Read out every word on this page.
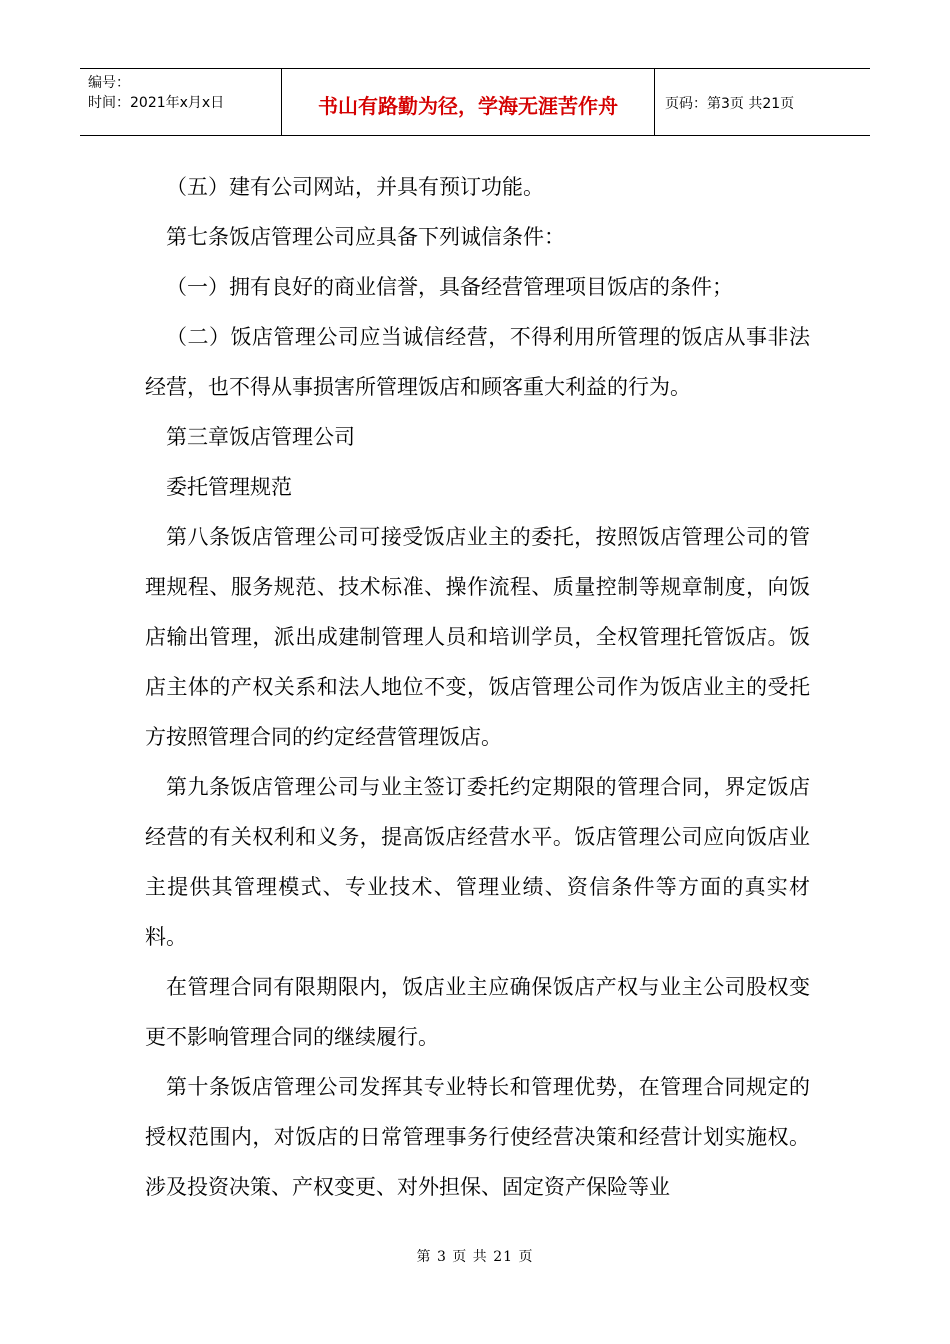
编号：
时间：2021年x月x日	书山有路勤为径，学海无涯苦作舟	页码：第3页 共21页

（五）建有公司网站，并具有预订功能。

第七条饭店管理公司应具备下列诚信条件：

（一）拥有良好的商业信誉，具备经营管理项目饭店的条件；

（二）饭店管理公司应当诚信经营，不得利用所管理的饭店从事非法经营，也不得从事损害所管理饭店和顾客重大利益的行为。

第三章饭店管理公司

委托管理规范

第八条饭店管理公司可接受饭店业主的委托，按照饭店管理公司的管理规程、服务规范、技术标准、操作流程、质量控制等规章制度，向饭店输出管理，派出成建制管理人员和培训学员，全权管理托管饭店。饭店主体的产权关系和法人地位不变，饭店管理公司作为饭店业主的受托方按照管理合同的约定经营管理饭店。

第九条饭店管理公司与业主签订委托约定期限的管理合同，界定饭店经营的有关权利和义务，提高饭店经营水平。饭店管理公司应向饭店业主提供其管理模式、专业技术、管理业绩、资信条件等方面的真实材料。

在管理合同有限期限内，饭店业主应确保饭店产权与业主公司股权变更不影响管理合同的继续履行。

第十条饭店管理公司发挥其专业特长和管理优势，在管理合同规定的授权范围内，对饭店的日常管理事务行使经营决策和经营计划实施权。涉及投资决策、产权变更、对外担保、固定资产保险等业

第 3 页 共 21 页
